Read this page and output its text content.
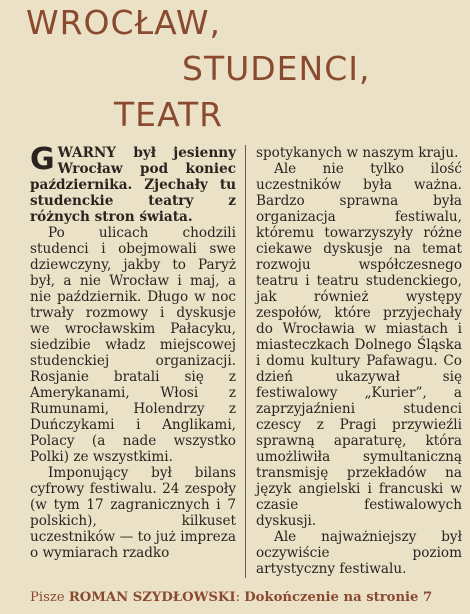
WROCŁAW,
STUDENCI,
TEATR

GWARNY był jesienny Wrocław pod koniec października. Zjechały tu studenckie teatry z różnych stron świata.

Po ulicach chodzili studenci i obejmowali swe dziewczyny, jakby to Paryż był, a nie Wrocław i maj, a nie październik. Długo w noc trwały rozmowy i dyskusje we wrocławskim Pałacyku, siedzibie władz miejscowej studenckiej organizacji. Rosjanie bratali się z Amerykanami, Włosi z Rumunami, Holendrzy z Duńczykami i Anglikami, Polacy (a nade wszystko Polki) ze wszystkimi.

Imponujący był bilans cyfrowy festiwalu. 24 zespoły (w tym 17 zagranicznych i 7 polskich), kilkuset uczestników — to już impreza o wymiarach rzadko

spotykanych w naszym kraju.

Ale nie tylko ilość uczestników była ważna. Bardzo sprawna była organizacja festiwalu, któremu towarzyszyły różne ciekawe dyskusje na temat rozwoju współczesnego teatru i teatru studenckiego, jak również występy zespołów, które przyjechały do Wrocławia w miastach i miasteczkach Dolnego Śląska i domu kultury Pafawagu. Co dzień ukazywał się festiwalowy „Kurier”, a zaprzyjaźnieni studenci czescy z Pragi przywieźli sprawną aparaturę, która umożliwiła symultaniczną transmisję przekładów na język angielski i francuski w czasie festiwalowych dyskusji.

Ale najważniejszy był oczywiście poziom artystyczny festiwalu.

Pisze ROMAN SZYDŁOWSKI: Dokończenie na stronie 7
